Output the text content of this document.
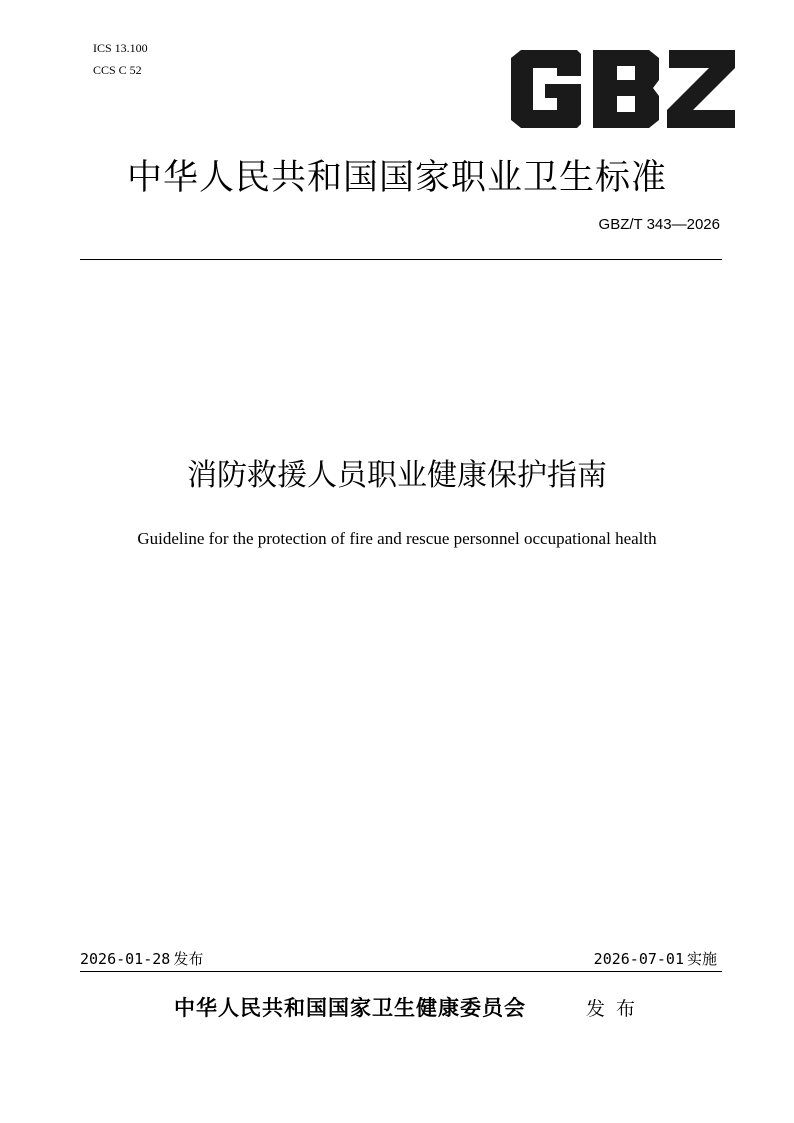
ICS 13.100
CCS C 52
中华人民共和国国家职业卫生标准
GBZ/T 343—2026
消防救援人员职业健康保护指南
Guideline for the protection of fire and rescue personnel occupational health
2026-01-28 发布	2026-07-01 实施
中华人民共和国国家卫生健康委员会	发布
